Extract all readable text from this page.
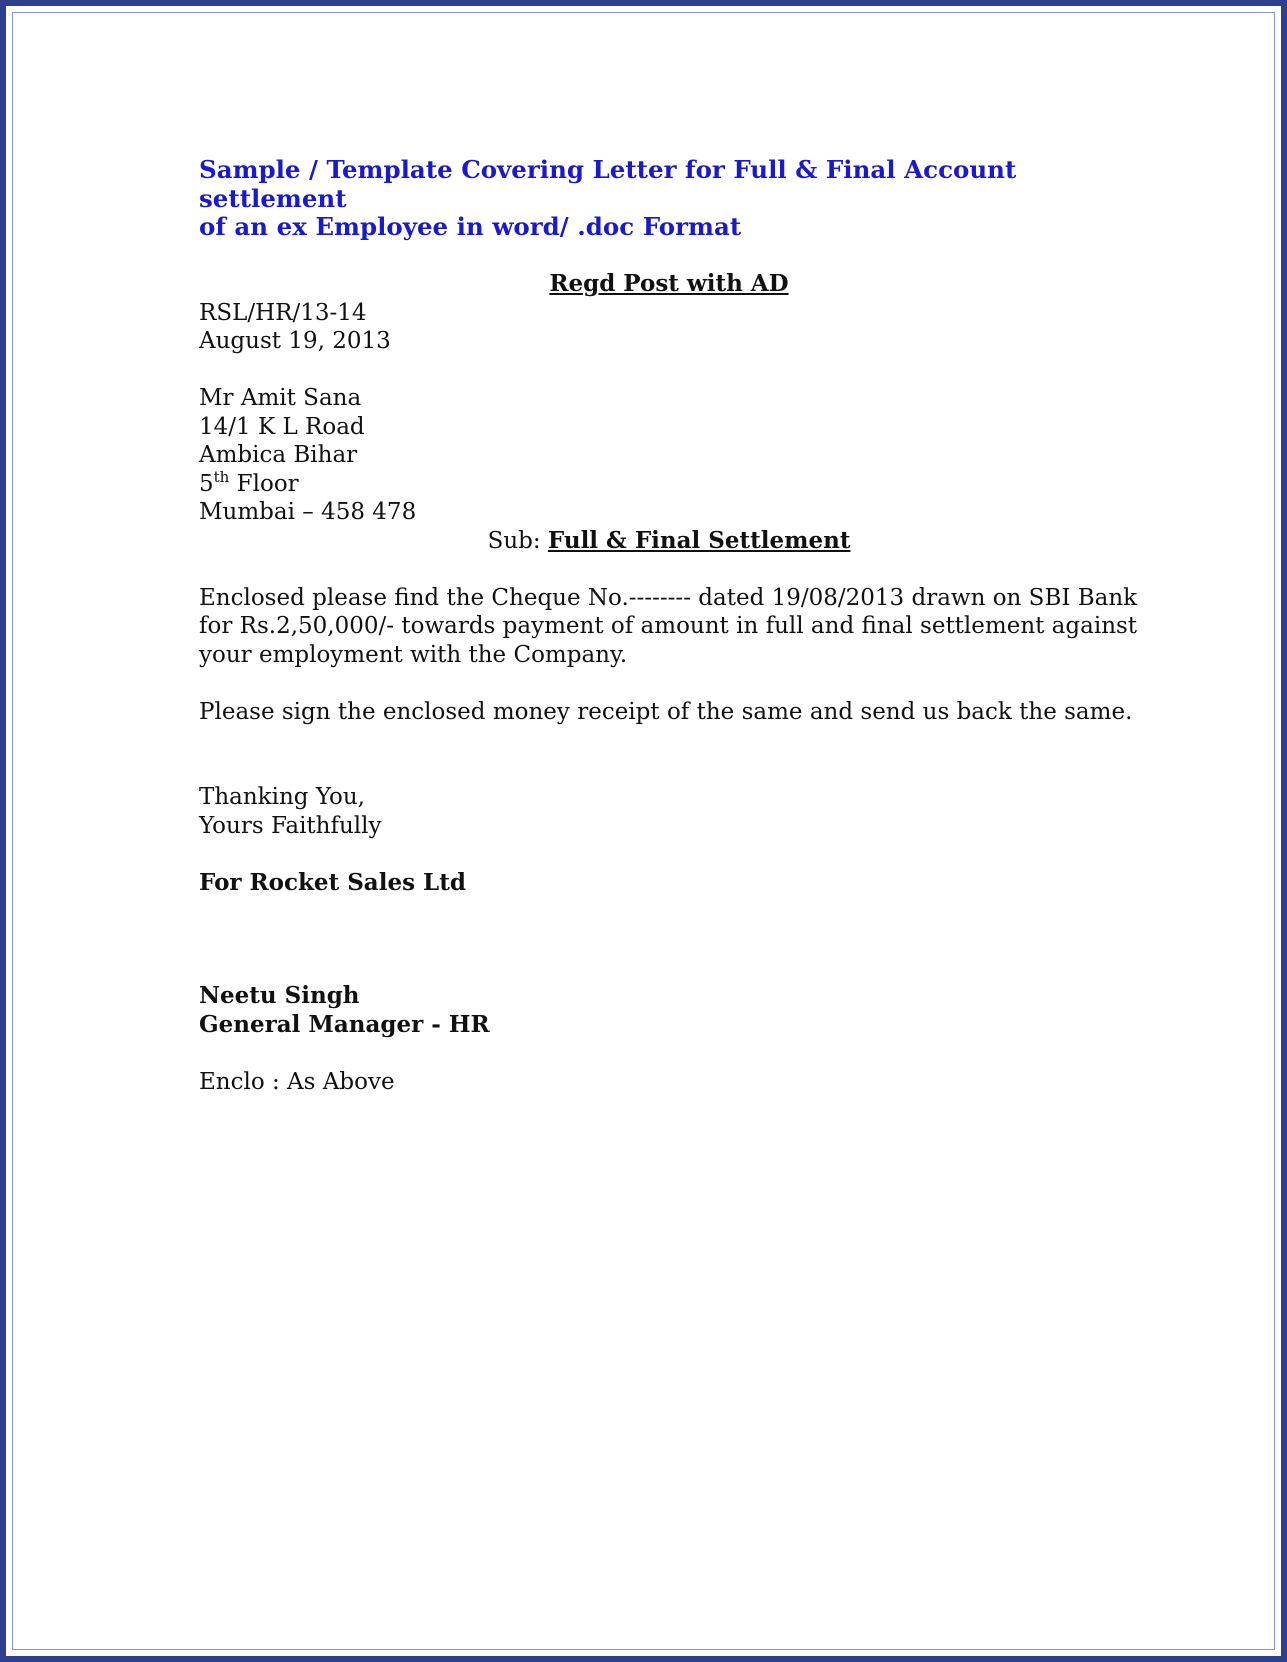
Sample / Template Covering Letter for Full & Final Account settlement
of an ex Employee in word/ .doc Format

Regd Post with AD

RSL/HR/13-14

August 19, 2013

Mr Amit Sana

14/1 K L Road

Ambica Bihar

5th Floor

Mumbai – 458 478

Sub: Full & Final Settlement

Enclosed please find the Cheque No.-------- dated 19/08/2013 drawn on SBI Bank
for Rs.2,50,000/- towards payment of amount in full and final settlement against
your employment with the Company.

Please sign the enclosed money receipt of the same and send us back the same.

Thanking You,

Yours Faithfully

For Rocket Sales Ltd

Neetu Singh

General Manager - HR

Enclo : As Above
